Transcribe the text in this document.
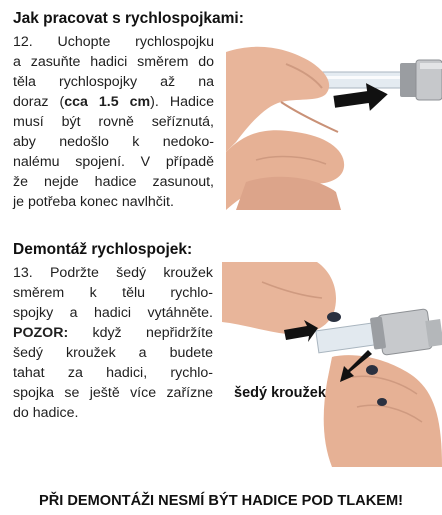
Jak pracovat s rychlospojkami:
12. Uchopte rychlospojku
a zasuňte hadici směrem do
těla rychlospojky až na
doraz (cca 1.5 cm). Hadice
musí být rovně seříznutá,
aby nedošlo k nedoko-
nalému spojení. V případě
že nejde hadice zasunout,
je potřeba konec navlhčit.
Demontáž rychlospojek:
13. Podržte šedý kroužek
směrem k tělu rychlo-
spojky a hadici vytáhněte.
POZOR: když nepřidržíte
šedý kroužek a budete
tahat za hadici, rychlo-
spojka se ještě více zařízne
do hadice.
šedý kroužek
PŘI DEMONTÁŽI NESMÍ BÝT HADICE POD TLAKEM!
